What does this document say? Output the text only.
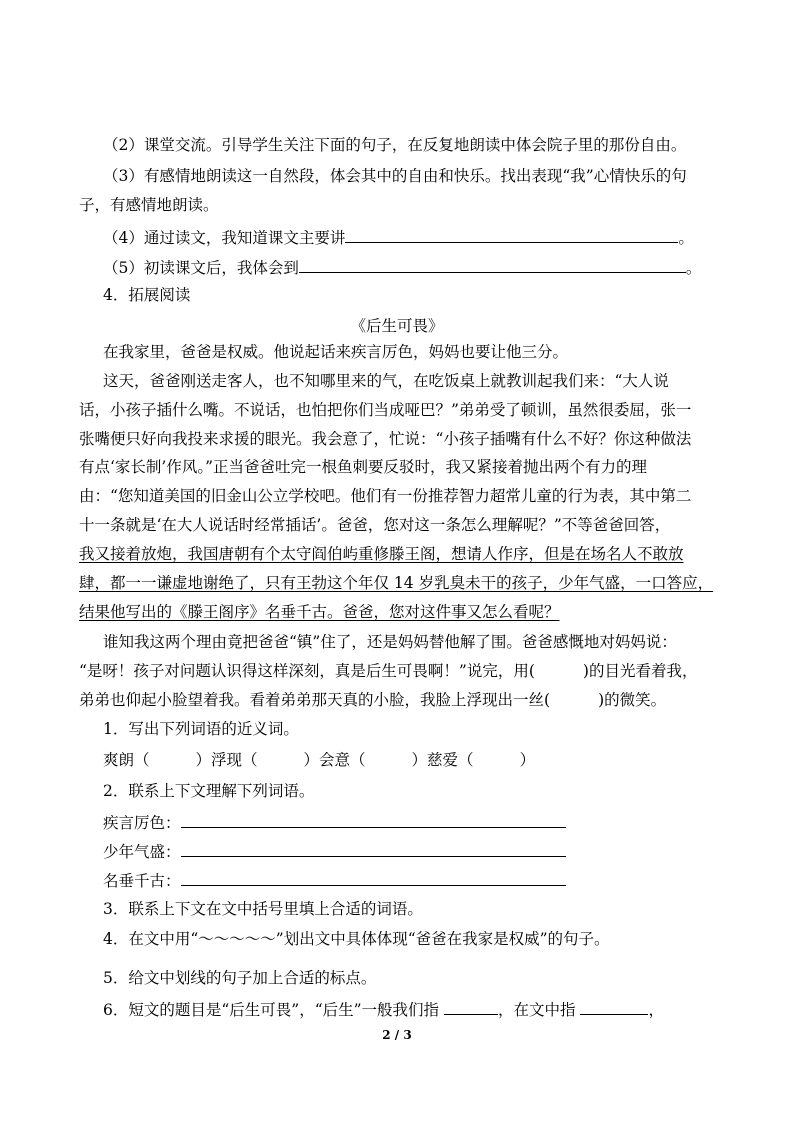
（2）课堂交流。引导学生关注下面的句子，在反复地朗读中体会院子里的那份自由。
（3）有感情地朗读这一自然段，体会其中的自由和快乐。找出表现“我”心情快乐的句
子，有感情地朗读。
（4）通过读文，我知道课文主要讲	。
（5）初读课文后，我体会到	。
4．拓展阅读
《后生可畏》
在我家里，爸爸是权威。他说起话来疾言厉色，妈妈也要让他三分。
这天，爸爸刚送走客人，也不知哪里来的气，在吃饭桌上就教训起我们来：“大人说
话，小孩子插什么嘴。不说话，也怕把你们当成哑巴？”弟弟受了顿训，虽然很委屈，张一
张嘴便只好向我投来求援的眼光。我会意了，忙说：“小孩子插嘴有什么不好？你这种做法
有点‘家长制’作风。”正当爸爸吐完一根鱼刺要反驳时，我又紧接着抛出两个有力的理
由：“您知道美国的旧金山公立学校吧。他们有一份推荐智力超常儿童的行为表，其中第二
十一条就是‘在大人说话时经常插话’。爸爸，您对这一条怎么理解呢？”不等爸爸回答，
我又接着放炮，我国唐朝有个太守阎伯屿重修滕王阁，想请人作序，但是在场名人不敢放
肆，都一一谦虚地谢绝了，只有王勃这个年仅 14 岁乳臭未干的孩子，少年气盛，一口答应，
结果他写出的《滕王阁序》名垂千古。爸爸，您对这件事又怎么看呢？
谁知我这两个理由竟把爸爸“镇”住了，还是妈妈替他解了围。爸爸感慨地对妈妈说：
“是呀！孩子对问题认识得这样深刻，真是后生可畏啊！”说完，用(	)的目光看着我，
弟弟也仰起小脸望着我。看着弟弟那天真的小脸，我脸上浮现出一丝(	)的微笑。
1．写出下列词语的近义词。
爽朗（	）浮现（	）会意（	）慈爱（	）
2．联系上下文理解下列词语。
疾言厉色：
少年气盛：
名垂千古：
3．联系上下文在文中括号里填上合适的词语。
4．在文中用“～～～～～”划出文中具体体现“爸爸在我家是权威”的句子。
5．给文中划线的句子加上合适的标点。
6．短文的题目是“后生可畏”，“后生”一般我们指	，在文中指	，
2 / 3
